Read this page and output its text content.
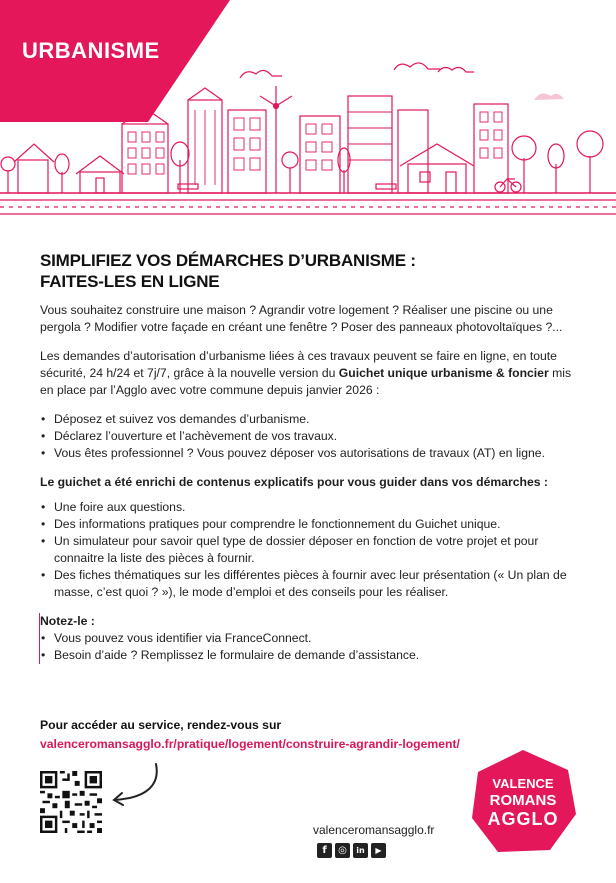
URBANISME
SIMPLIFIEZ VOS DÉMARCHES D’URBANISME :
FAITES-LES EN LIGNE

Vous souhaitez construire une maison ? Agrandir votre logement ? Réaliser une piscine ou une pergola ? Modifier votre façade en créant une fenêtre ? Poser des panneaux photovoltaïques ?...

Les demandes d’autorisation d’urbanisme liées à ces travaux peuvent se faire en ligne, en toute sécurité, 24 h/24 et 7j/7, grâce à la nouvelle version du Guichet unique urbanisme & foncier mis en place par l’Agglo avec votre commune depuis janvier 2026 :

• Déposez et suivez vos demandes d’urbanisme.
• Déclarez l’ouverture et l’achèvement de vos travaux.
• Vous êtes professionnel ? Vous pouvez déposer vos autorisations de travaux (AT) en ligne.

Le guichet a été enrichi de contenus explicatifs pour vous guider dans vos démarches :

• Une foire aux questions.
• Des informations pratiques pour comprendre le fonctionnement du Guichet unique.
• Un simulateur pour savoir quel type de dossier déposer en fonction de votre projet et pour connaitre la liste des pièces à fournir.
• Des fiches thématiques sur les différentes pièces à fournir avec leur présentation (« Un plan de masse, c’est quoi ? »), le mode d’emploi et des conseils pour les réaliser.
Notez-le :
• Vous pouvez vous identifier via FranceConnect.
• Besoin d’aide ? Remplissez le formulaire de demande d’assistance.
Pour accéder au service, rendez-vous sur
valenceromansagglo.fr/pratique/logement/construire-agrandir-logement/
valenceromansagglo.fr
f	◎	in	▶
VALENCE
ROMANS
AGGLO
